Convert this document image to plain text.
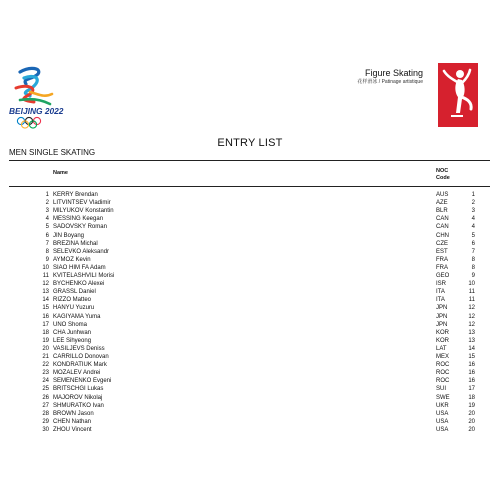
BEIJING 2022
Figure Skating
花样滑冰 / Patinage artistique
ENTRY LIST
MEN SINGLE SKATING
Name	NOC
Code
1 KERRY Brendan	AUS	1
2 LITVINTSEV Vladimir	AZE	2
3 MILYUKOV Konstantin	BLR	3
4 MESSING Keegan	CAN	4
5 SADOVSKY Roman	CAN	4
6 JIN Boyang	CHN	5
7 BREZINA Michal	CZE	6
8 SELEVKO Aleksandr	EST	7
9 AYMOZ Kevin	FRA	8
10 SIAO HIM FA Adam	FRA	8
11 KVITELASHVILI Morisi	GEO	9
12 BYCHENKO Alexei	ISR	10
13 GRASSL Daniel	ITA	11
14 RIZZO Matteo	ITA	11
15 HANYU Yuzuru	JPN	12
16 KAGIYAMA Yuma	JPN	12
17 UNO Shoma	JPN	12
18 CHA Junhwan	KOR	13
19 LEE Sihyeong	KOR	13
20 VASILJEVS Deniss	LAT	14
21 CARRILLO Donovan	MEX	15
22 KONDRATIUK Mark	ROC	16
23 MOZALEV Andrei	ROC	16
24 SEMENENKO Evgeni	ROC	16
25 BRITSCHGI Lukas	SUI	17
26 MAJOROV Nikolaj	SWE	18
27 SHMURATKO Ivan	UKR	19
28 BROWN Jason	USA	20
29 CHEN Nathan	USA	20
30 ZHOU Vincent	USA	20
